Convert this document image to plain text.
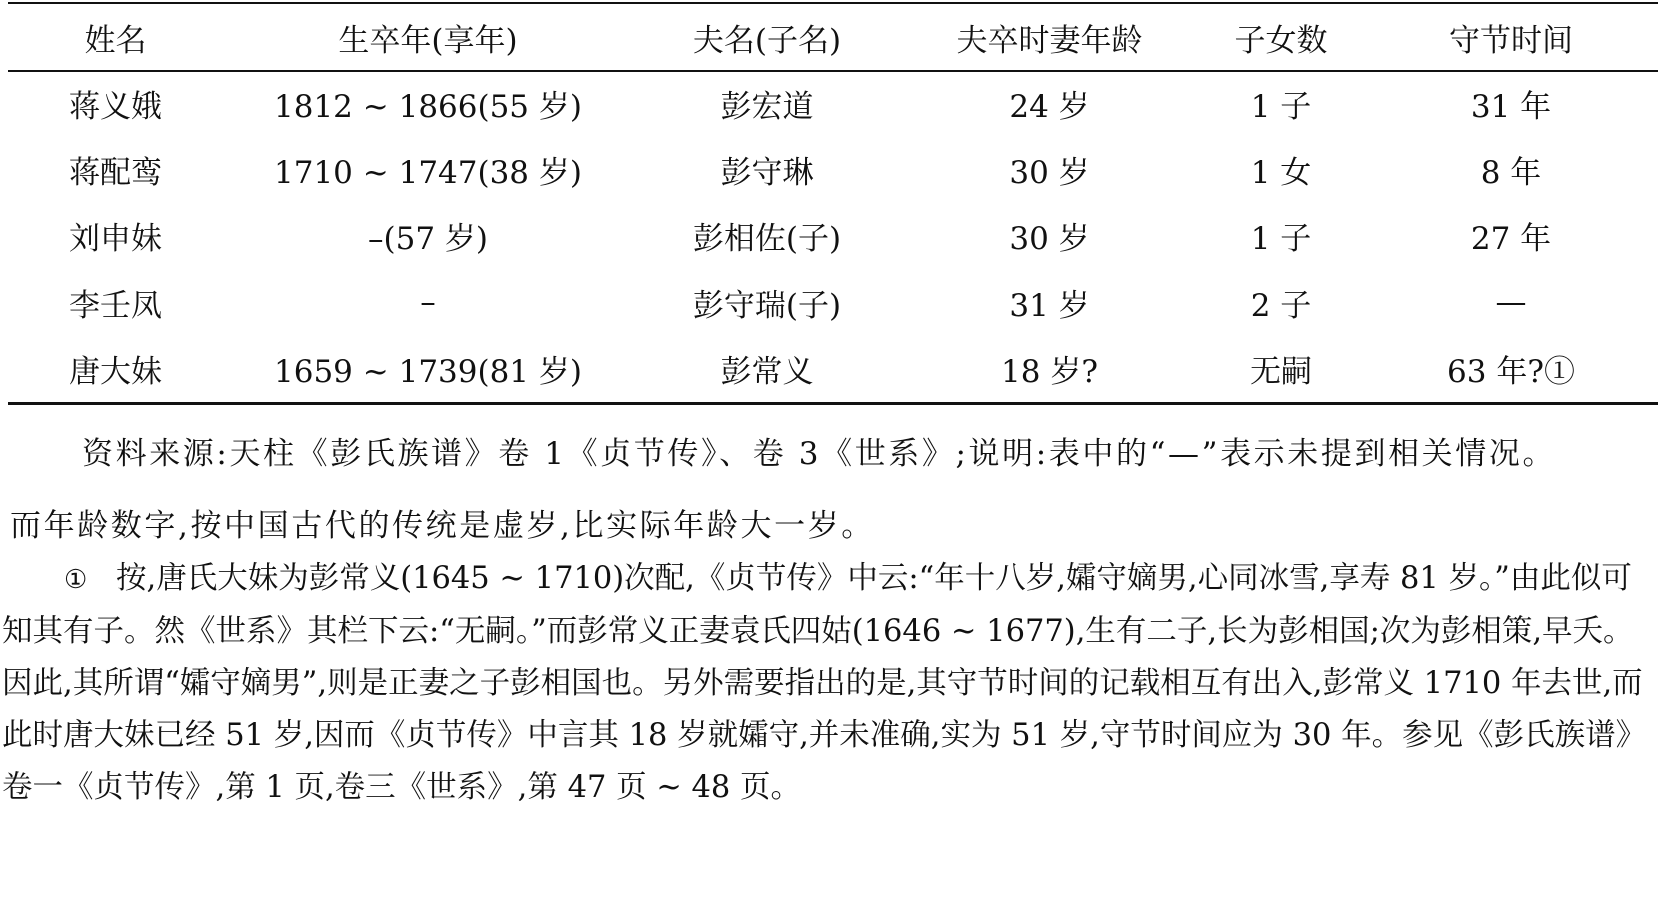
姓名	生卒年(享年)	夫名(子名)	夫卒时妻年龄	子女数	守节时间
蒋义娥	1812 ~ 1866(55 岁)	彭宏道	24 岁	1 子	31 年
蒋配鸾	1710 ~ 1747(38 岁)	彭守琳	30 岁	1 女	8 年
刘申妹	–(57 岁)	彭相佐(子)	30 岁	1 子	27 年
李壬凤	–	彭守瑞(子)	31 岁	2 子	—
唐大妹	1659 ~ 1739(81 岁)	彭常义	18 岁?	无嗣	63 年?①

资料来源:天柱《彭氏族谱》卷 1《贞节传》、卷 3《世系》;说明:表中的“—”表示未提到相关情况。

而年龄数字,按中国古代的传统是虚岁,比实际年龄大一岁。

① 按,唐氏大妹为彭常义(1645 ~ 1710)次配,《贞节传》中云:“年十八岁,孀守嫡男,心同冰雪,享寿 81 岁。”由此似可知其有子。然《世系》其栏下云:“无嗣。”而彭常义正妻袁氏四姑(1646 ~ 1677),生有二子,长为彭相国;次为彭相策,早夭。因此,其所谓“孀守嫡男”,则是正妻之子彭相国也。另外需要指出的是,其守节时间的记载相互有出入,彭常义 1710 年去世,而此时唐大妹已经 51 岁,因而《贞节传》中言其 18 岁就孀守,并未准确,实为 51 岁,守节时间应为 30 年。参见《彭氏族谱》卷一《贞节传》,第 1 页,卷三《世系》,第 47 页 ~ 48 页。
